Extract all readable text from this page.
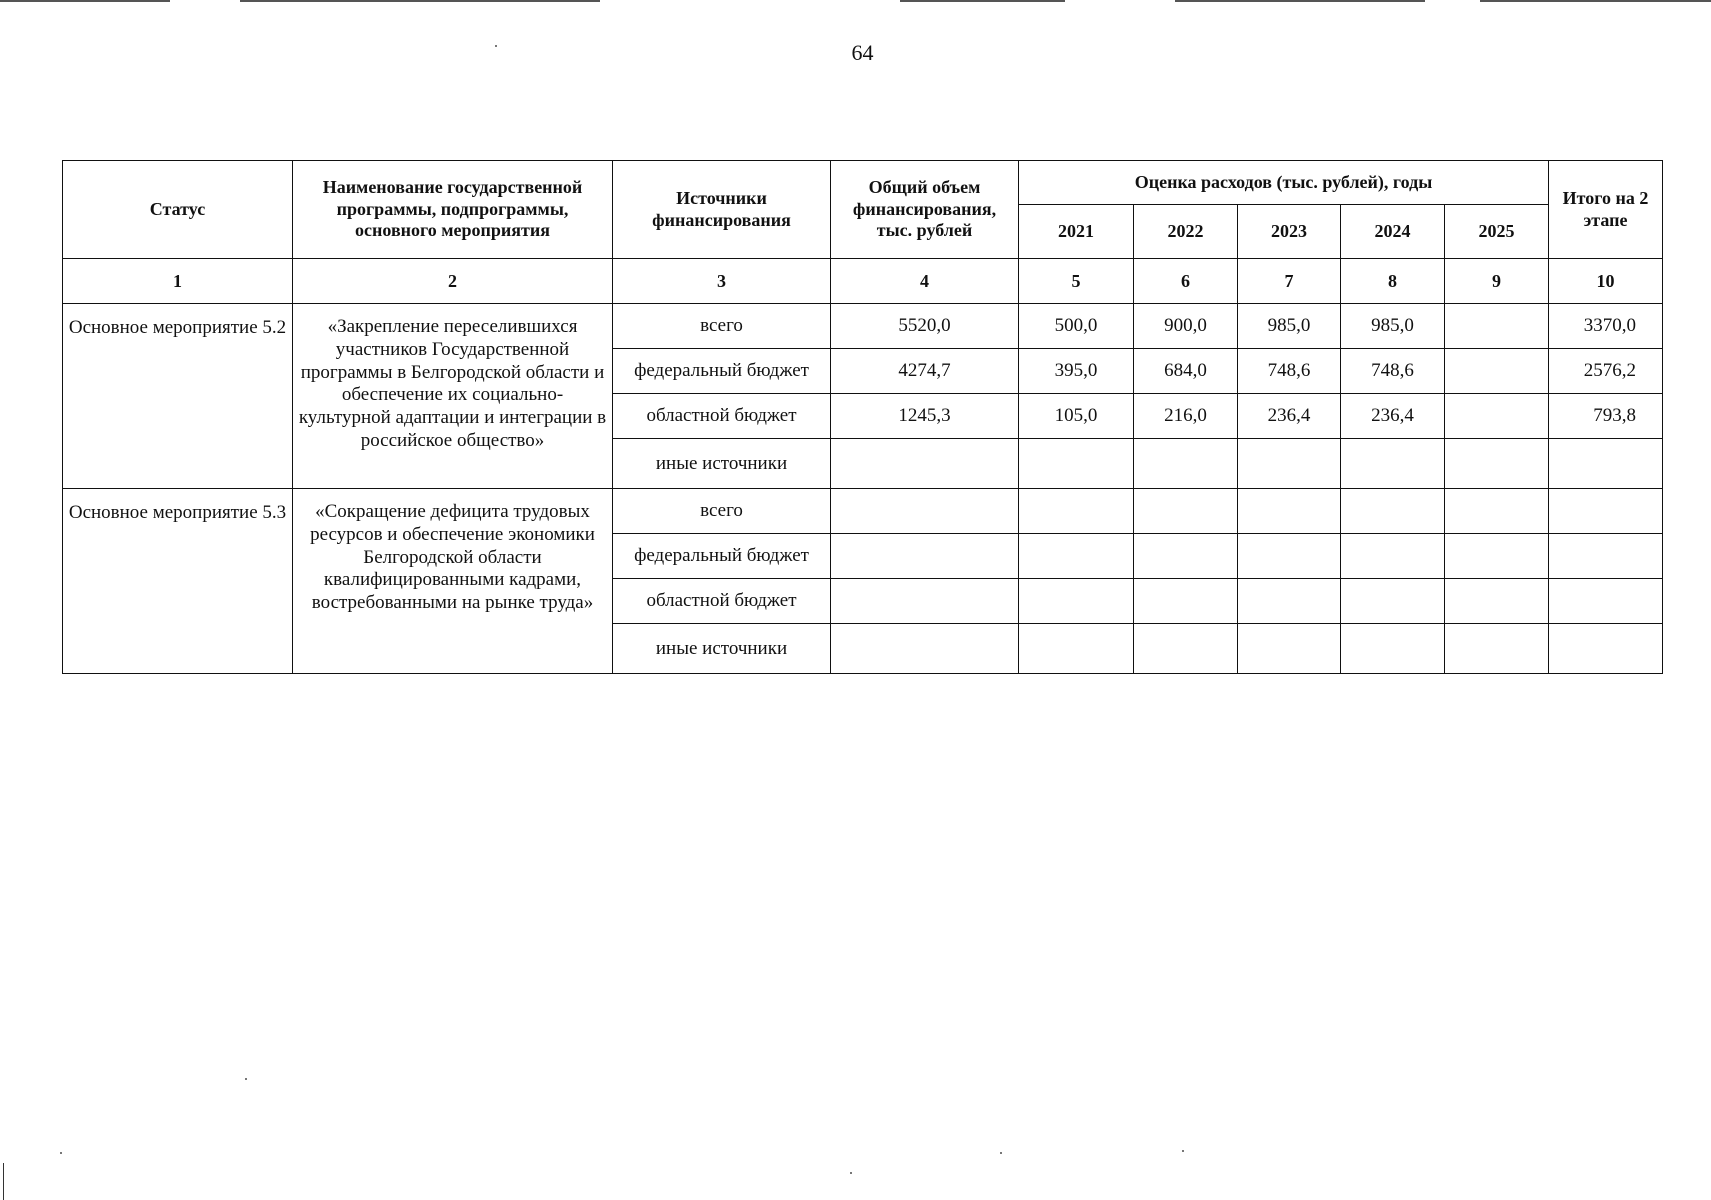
64
Статус	Наименование государственной программы, подпрограммы, основного мероприятия	Источники финансирования	Общий объем финансирования, тыс. рублей	Оценка расходов (тыс. рублей), годы					Итого на 2 этапе
				2021	2022	2023	2024	2025	
1	2	3	4	5	6	7	8	9	10
Основное мероприятие 5.2	«Закрепление переселившихся участников Государственной программы в Белгородской области и обеспечение их социально-культурной адаптации и интеграции в российское общество»	всего	5520,0	500,0	900,0	985,0	985,0		3370,0
		федеральный бюджет	4274,7	395,0	684,0	748,6	748,6		2576,2
		областной бюджет	1245,3	105,0	216,0	236,4	236,4		793,8
		иные источники							
Основное мероприятие 5.3	«Сокращение дефицита трудовых ресурсов и обеспечение экономики Белгородской области квалифицированными кадрами, востребованными на рынке труда»	всего							
		федеральный бюджет							
		областной бюджет							
		иные источники							
